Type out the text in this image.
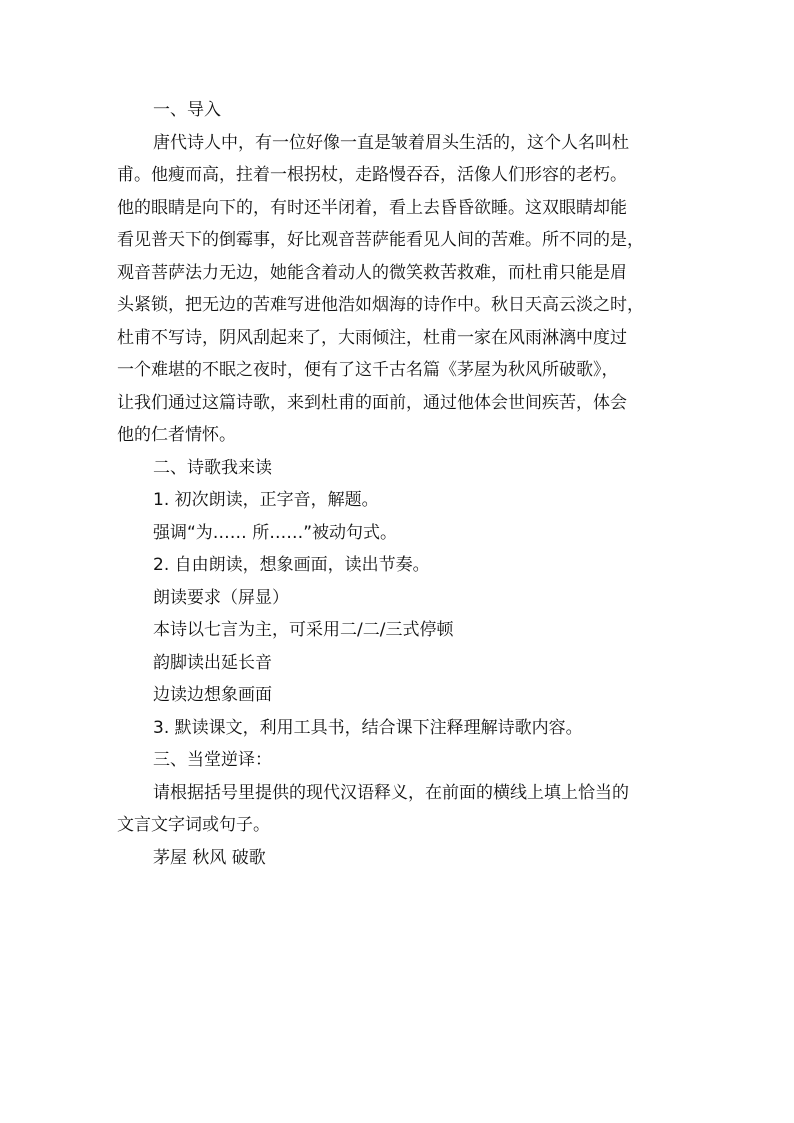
一、导入
唐代诗人中，有一位好像一直是皱着眉头生活的，这个人名叫杜
甫。他瘦而高，拄着一根拐杖，走路慢吞吞，活像人们形容的老朽。
他的眼睛是向下的，有时还半闭着，看上去昏昏欲睡。这双眼睛却能
看见普天下的倒霉事，好比观音菩萨能看见人间的苦难。所不同的是，
观音菩萨法力无边，她能含着动人的微笑救苦救难，而杜甫只能是眉
头紧锁，把无边的苦难写进他浩如烟海的诗作中。秋日天高云淡之时，
杜甫不写诗，阴风刮起来了，大雨倾注，杜甫一家在风雨淋漓中度过
一个难堪的不眠之夜时，便有了这千古名篇《茅屋为秋风所破歌》，
让我们通过这篇诗歌，来到杜甫的面前，通过他体会世间疾苦，体会
他的仁者情怀。
二、诗歌我来读
1. 初次朗读，正字音，解题。
强调“为…… 所……”被动句式。
2. 自由朗读，想象画面，读出节奏。
朗读要求（屏显）
本诗以七言为主，可采用二/二/三式停顿
韵脚读出延长音
边读边想象画面
3. 默读课文，利用工具书，结合课下注释理解诗歌内容。
三、当堂逆译：
请根据括号里提供的现代汉语释义，在前面的横线上填上恰当的
文言文字词或句子。
茅屋 秋风 破歌
